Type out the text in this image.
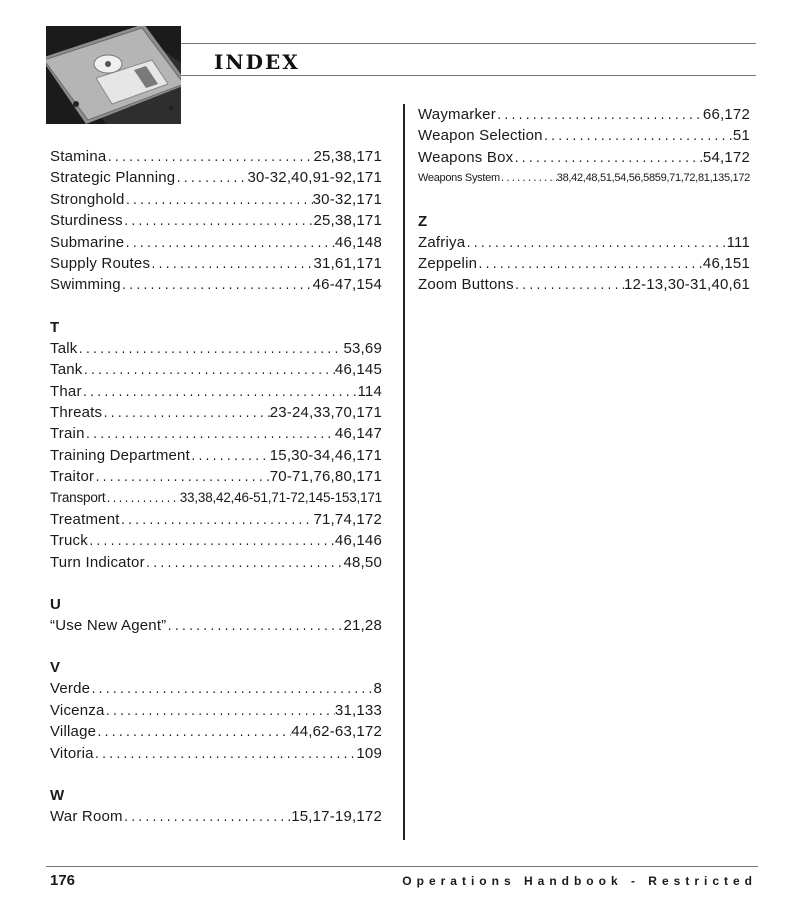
INDEX
Stamina .....	25,38,171
Strategic Planning .....	30-32,40,91-92,171
Stronghold .....	30-32,171
Sturdiness .....	25,38,171
Submarine .....	46,148
Supply Routes .....	31,61,171
Swimming .....	46-47,154
T
Talk .....	53,69
Tank .....	46,145
Thar .....	114
Threats .....	23-24,33,70,171
Train .....	46,147
Training Department .....	15,30-34,46,171
Traitor .....	70-71,76,80,171
Transport .....	33,38,42,46-51,71-72,145-153,171
Treatment .....	71,74,172
Truck .....	46,146
Turn Indicator .....	48,50
U
“Use New Agent” .....	21,28
V
Verde .....	8
Vicenza .....	31,133
Village .....	44,62-63,172
Vitoria .....	109
W
War Room .....	15,17-19,172
Waymarker .....	66,172
Weapon Selection .....	51
Weapons Box .....	54,172
Weapons System .....	38,42,48,51,54,56,5859,71,72,81,135,172
Z
Zafriya .....	111
Zeppelin .....	46,151
Zoom Buttons .....	12-13,30-31,40,61
176	Operations Handbook - Restricted
